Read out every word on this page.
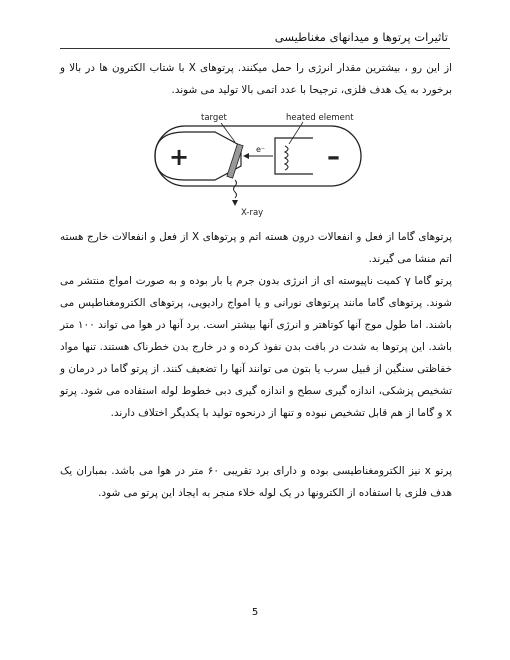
تاثیرات پرتوها و میدانهای مغناطیسی

از این رو ، بیشترین مقدار انرژی را حمل میکنند. پرتوهای X با شتاب الکترون ها در بالا و برخورد به یک هدف فلزی، ترجیحا با عدد اتمی بالا تولید می شوند.

target	heated element
e⁻
X-ray
+	–

پرتوهای گاما از فعل و انفعالات درون هسته اتم و پرتوهای X از فعل و انفعالات خارج هسته اتم منشا می گیرند.

پرتو گاما γ کمیت ناپیوسته ای از انرژی بدون جرم یا بار بوده و به صورت امواج منتشر می شوند. پرتوهای گاما مانند پرتوهای نورانی و یا امواج رادیویی، پرتوهای الکترومغناطیس می باشند. اما طول موج آنها کوتاهتر و انرژی آنها بیشتر است. برد آنها در هوا می تواند ۱۰۰ متر باشد. این پرتوها به شدت در بافت بدن نفوذ کرده و در خارج بدن خطرناک هستند. تنها مواد خفاظتی سنگین از قبیل سرب یا بتون می توانند آنها را تضعیف کنند. از پرتو گاما در درمان و تشخیص پزشکی، اندازه گیری سطح و اندازه گیری دبی خطوط لوله استفاده می شود. پرتو x و گاما از هم قابل تشخیص نبوده و تنها از درنحوه تولید با یکدیگر اختلاف دارند.

پرتو x نیز الکترومغناطیسی بوده و دارای برد تقریبی ۶۰ متر در هوا می باشد. بمباران یک هدف فلزی با استفاده از الکترونها در یک لوله خلاء منجر به ایجاد این پرتو می شود.

5
